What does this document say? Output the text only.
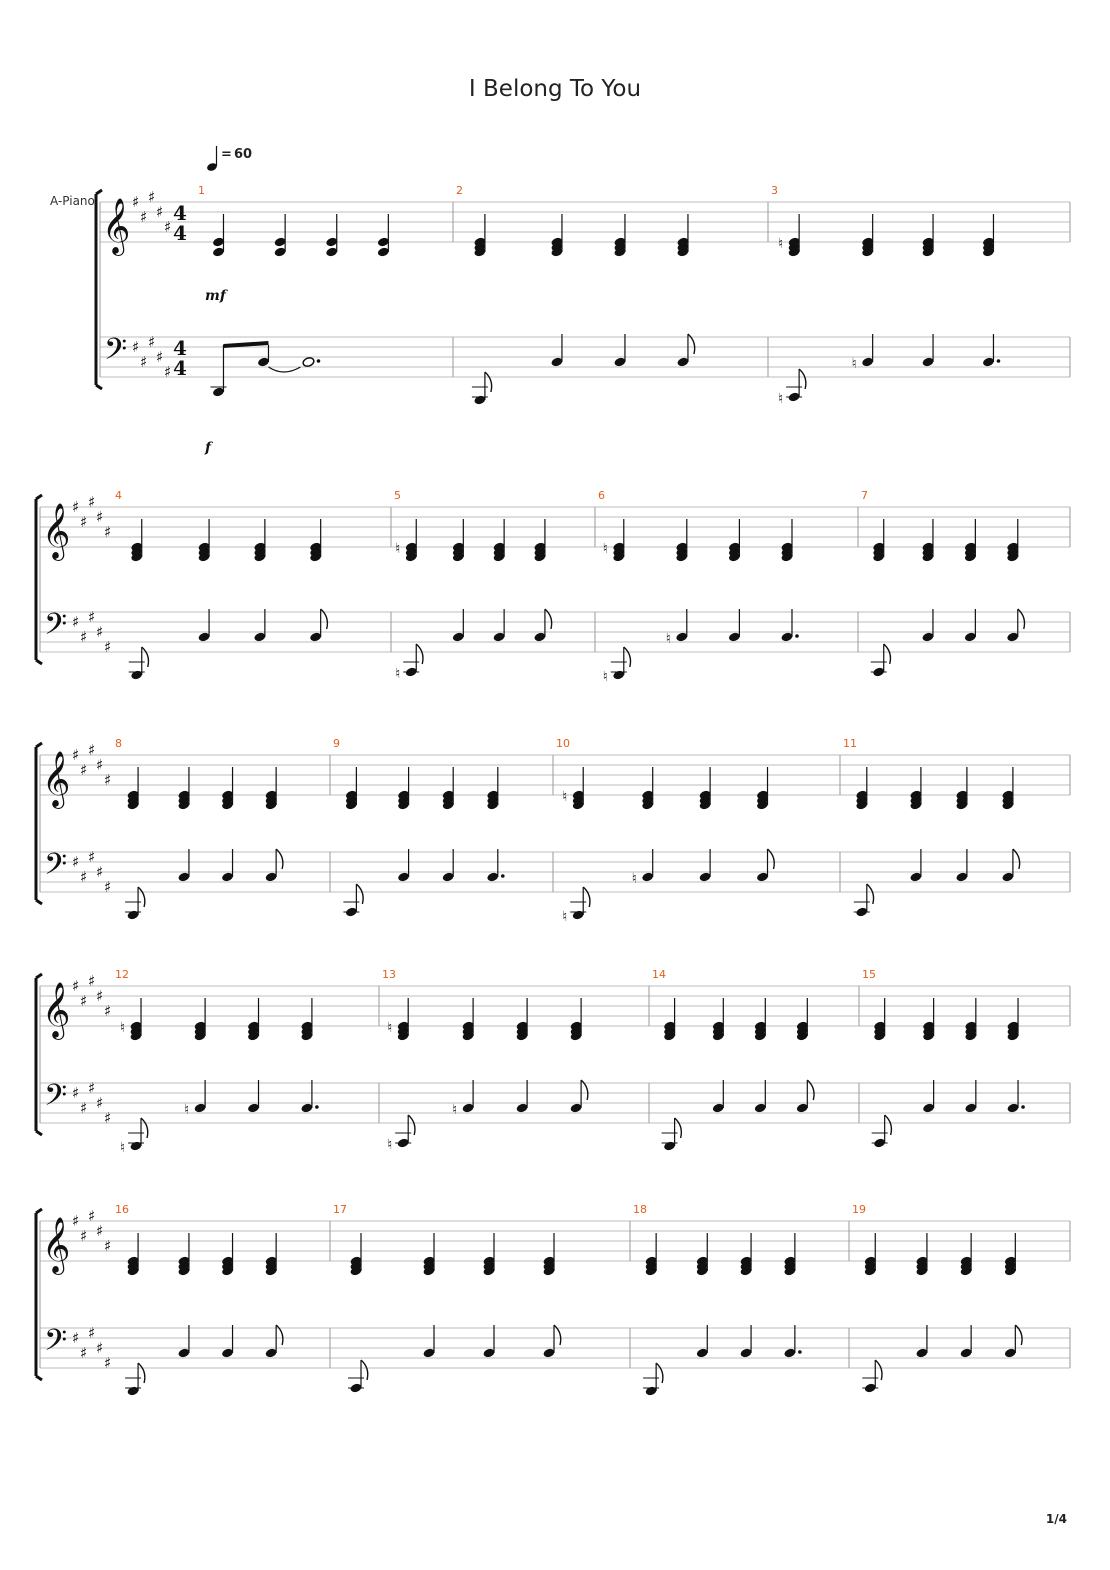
I Belong To You
A-Piano
= 60
𝄞
𝄢
♯
♯
♯
♯
♯
♯
♯
♯
♯
♯
4
4
4
4
mf
f
1	2	3
♮
♮
♮
𝄞
𝄢
♯
♯
♯
♯
♯
♯
♯
♯
♯
♯
4	5
♮
♮
6
♮
♮
♮
7
𝄞
𝄢
♯
♯
♯
♯
♯
♯
♯
♯
♯
♯
8	9	10
♮
♮
♮
11
𝄞
𝄢
♯
♯
♯
♯
♯
♯
♯
♯
♯
♯
12
♮
♮
♮
13
♮
♮
♮
14	15
𝄞
𝄢
♯
♯
♯
♯
♯
♯
♯
♯
♯
♯
16	17	18	19
1/4
